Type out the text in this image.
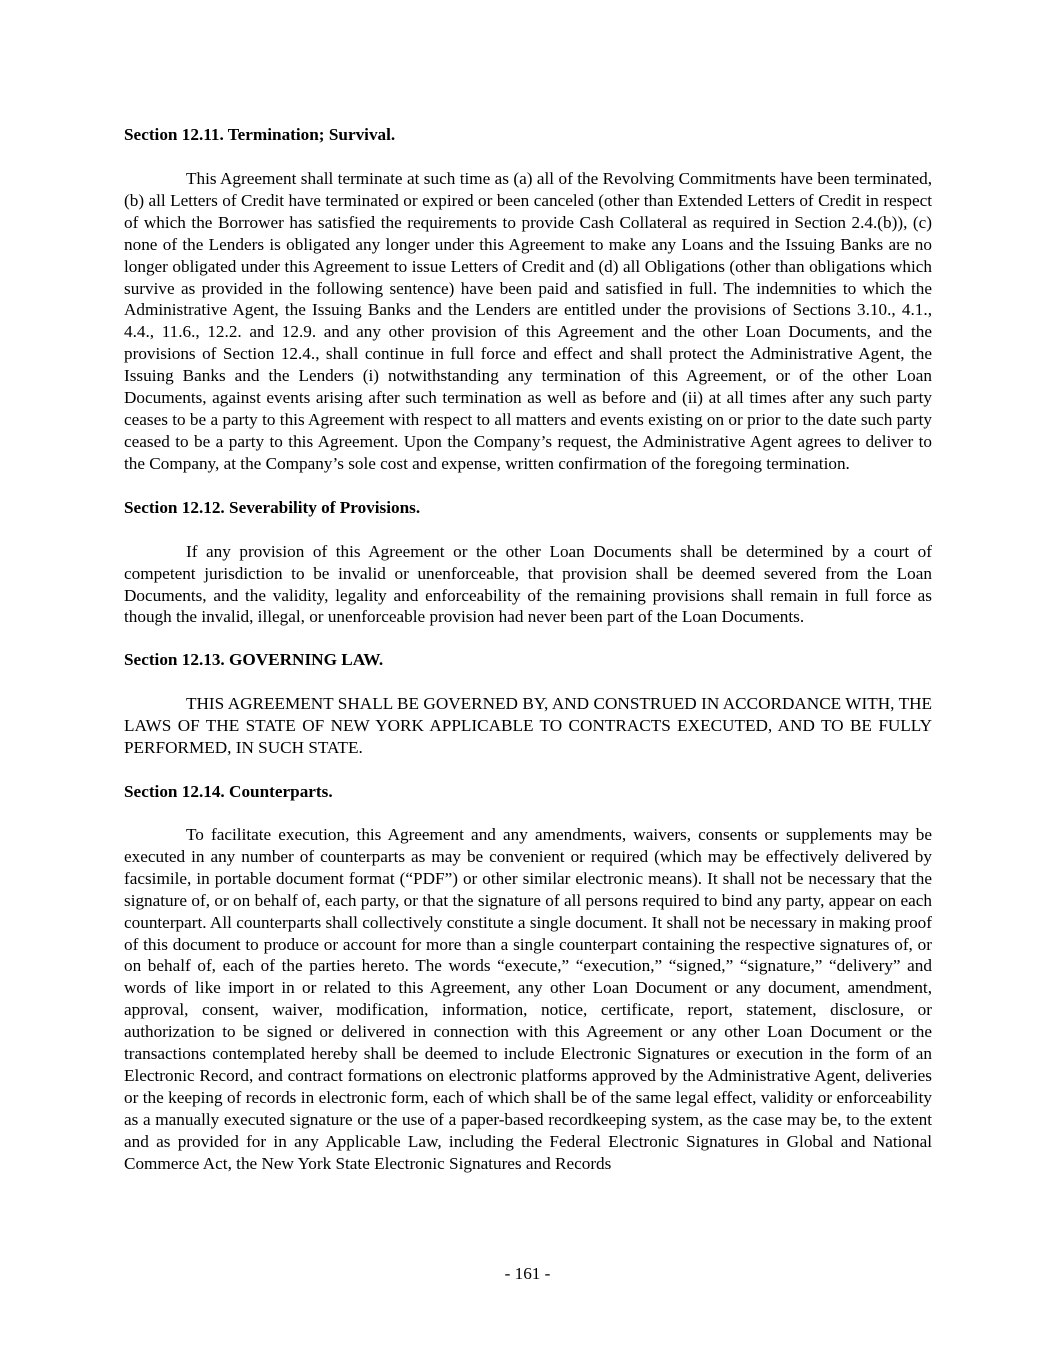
Section 12.11. Termination; Survival.

This Agreement shall terminate at such time as (a) all of the Revolving Commitments have been terminated, (b) all Letters of Credit have terminated or expired or been canceled (other than Extended Letters of Credit in respect of which the Borrower has satisfied the requirements to provide Cash Collateral as required in Section 2.4.(b)), (c) none of the Lenders is obligated any longer under this Agreement to make any Loans and the Issuing Banks are no longer obligated under this Agreement to issue Letters of Credit and (d) all Obligations (other than obligations which survive as provided in the following sentence) have been paid and satisfied in full. The indemnities to which the Administrative Agent, the Issuing Banks and the Lenders are entitled under the provisions of Sections 3.10., 4.1., 4.4., 11.6., 12.2. and 12.9. and any other provision of this Agreement and the other Loan Documents, and the provisions of Section 12.4., shall continue in full force and effect and shall protect the Administrative Agent, the Issuing Banks and the Lenders (i) notwithstanding any termination of this Agreement, or of the other Loan Documents, against events arising after such termination as well as before and (ii) at all times after any such party ceases to be a party to this Agreement with respect to all matters and events existing on or prior to the date such party ceased to be a party to this Agreement. Upon the Company’s request, the Administrative Agent agrees to deliver to the Company, at the Company’s sole cost and expense, written confirmation of the foregoing termination.

Section 12.12. Severability of Provisions.

If any provision of this Agreement or the other Loan Documents shall be determined by a court of competent jurisdiction to be invalid or unenforceable, that provision shall be deemed severed from the Loan Documents, and the validity, legality and enforceability of the remaining provisions shall remain in full force as though the invalid, illegal, or unenforceable provision had never been part of the Loan Documents.

Section 12.13. GOVERNING LAW.

THIS AGREEMENT SHALL BE GOVERNED BY, AND CONSTRUED IN ACCORDANCE WITH, THE LAWS OF THE STATE OF NEW YORK APPLICABLE TO CONTRACTS EXECUTED, AND TO BE FULLY PERFORMED, IN SUCH STATE.

Section 12.14. Counterparts.

To facilitate execution, this Agreement and any amendments, waivers, consents or supplements may be executed in any number of counterparts as may be convenient or required (which may be effectively delivered by facsimile, in portable document format (“PDF”) or other similar electronic means). It shall not be necessary that the signature of, or on behalf of, each party, or that the signature of all persons required to bind any party, appear on each counterpart. All counterparts shall collectively constitute a single document. It shall not be necessary in making proof of this document to produce or account for more than a single counterpart containing the respective signatures of, or on behalf of, each of the parties hereto. The words “execute,” “execution,” “signed,” “signature,” “delivery” and words of like import in or related to this Agreement, any other Loan Document or any document, amendment, approval, consent, waiver, modification, information, notice, certificate, report, statement, disclosure, or authorization to be signed or delivered in connection with this Agreement or any other Loan Document or the transactions contemplated hereby shall be deemed to include Electronic Signatures or execution in the form of an Electronic Record, and contract formations on electronic platforms approved by the Administrative Agent, deliveries or the keeping of records in electronic form, each of which shall be of the same legal effect, validity or enforceability as a manually executed signature or the use of a paper-based recordkeeping system, as the case may be, to the extent and as provided for in any Applicable Law, including the Federal Electronic Signatures in Global and National Commerce Act, the New York State Electronic Signatures and Records

- 161 -
